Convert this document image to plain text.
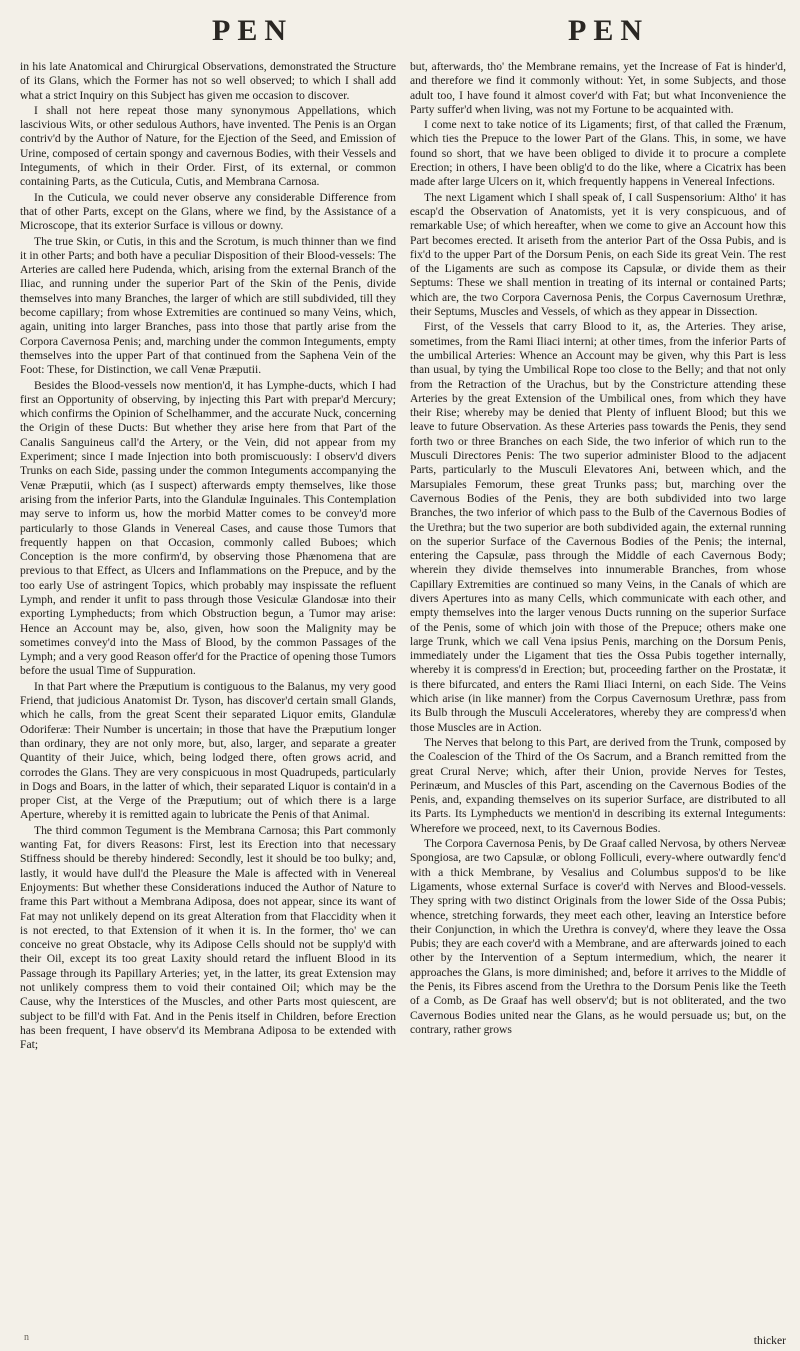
PEN	PEN

in his late Anatomical and Chirurgical Observations, demonstrated the Structure of its Glans, which the Former has not so well observed; to which I shall add what a strict Inquiry on this Subject has given me occasion to discover.

I shall not here repeat those many synonymous Appellations, which lascivious Wits, or other sedulous Authors, have invented. The Penis is an Organ contriv'd by the Author of Nature, for the Ejection of the Seed, and Emission of Urine, composed of certain spongy and cavernous Bodies, with their Vessels and Integuments, of which in their Order. First, of its external, or common containing Parts, as the Cuticula, Cutis, and Membrana Carnosa.

In the Cuticula, we could never observe any considerable Difference from that of other Parts, except on the Glans, where we find, by the Assistance of a Microscope, that its exterior Surface is villous or downy.

The true Skin, or Cutis, in this and the Scrotum, is much thinner than we find it in other Parts; and both have a peculiar Disposition of their Blood-vessels: The Arteries are called here Pudenda, which, arising from the external Branch of the Iliac, and running under the superior Part of the Skin of the Penis, divide themselves into many Branches, the larger of which are still subdivided, till they become capillary; from whose Extremities are continued so many Veins, which, again, uniting into larger Branches, pass into those that partly arise from the Corpora Cavernosa Penis; and, marching under the common Integuments, empty themselves into the upper Part of that continued from the Saphena Vein of the Foot: These, for Distinction, we call Venæ Præputii.

Besides the Blood-vessels now mention'd, it has Lymphe-ducts, which I had first an Opportunity of observing, by injecting this Part with prepar'd Mercury; which confirms the Opinion of Schelhammer, and the accurate Nuck, concerning the Origin of these Ducts: But whether they arise here from that Part of the Canalis Sanguineus call'd the Artery, or the Vein, did not appear from my Experiment; since I made Injection into both promiscuously: I observ'd divers Trunks on each Side, passing under the common Integuments accompanying the Venæ Præputii, which (as I suspect) afterwards empty themselves, like those arising from the inferior Parts, into the Glandulæ Inguinales. This Contemplation may serve to inform us, how the morbid Matter comes to be convey'd more particularly to those Glands in Venereal Cases, and cause those Tumors that frequently happen on that Occasion, commonly called Buboes; which Conception is the more confirm'd, by observing those Phænomena that are previous to that Effect, as Ulcers and Inflammations on the Prepuce, and by the too early Use of astringent Topics, which probably may inspissate the refluent Lymph, and render it unfit to pass through those Vesiculæ Glandosæ into their exporting Lympheducts; from which Obstruction begun, a Tumor may arise: Hence an Account may be, also, given, how soon the Malignity may be sometimes convey'd into the Mass of Blood, by the common Passages of the Lymph; and a very good Reason offer'd for the Practice of opening those Tumors before the usual Time of Suppuration.

In that Part where the Præputium is contiguous to the Balanus, my very good Friend, that judicious Anatomist Dr. Tyson, has discover'd certain small Glands, which he calls, from the great Scent their separated Liquor emits, Glandulæ Odoriferæ: Their Number is uncertain; in those that have the Præputium longer than ordinary, they are not only more, but, also, larger, and separate a greater Quantity of their Juice, which, being lodged there, often grows acrid, and corrodes the Glans. They are very conspicuous in most Quadrupeds, particularly in Dogs and Boars, in the latter of which, their separated Liquor is contain'd in a proper Cist, at the Verge of the Præputium; out of which there is a large Aperture, whereby it is remitted again to lubricate the Penis of that Animal.

The third common Tegument is the Membrana Carnosa; this Part commonly wanting Fat, for divers Reasons: First, lest its Erection into that necessary Stiffness should be thereby hindered: Secondly, lest it should be too bulky; and, lastly, it would have dull'd the Pleasure the Male is affected with in Venereal Enjoyments: But whether these Considerations induced the Author of Nature to frame this Part without a Membrana Adiposa, does not appear, since its want of Fat may not unlikely depend on its great Alteration from that Flaccidity when it is not erected, to that Extension of it when it is. In the former, tho' we can conceive no great Obstacle, why its Adipose Cells should not be supply'd with their Oil, except its too great Laxity should retard the influent Blood in its Passage through its Papillary Arteries; yet, in the latter, its great Extension may not unlikely compress them to void their contained Oil; which may be the Cause, why the Interstices of the Muscles, and other Parts most quiescent, are subject to be fill'd with Fat. And in the Penis itself in Children, before Erection has been frequent, I have observ'd its Membrana Adiposa to be extended with Fat;

but, afterwards, tho' the Membrane remains, yet the Increase of Fat is hinder'd, and therefore we find it commonly without: Yet, in some Subjects, and those adult too, I have found it almost cover'd with Fat; but what Inconvenience the Party suffer'd when living, was not my Fortune to be acquainted with.

I come next to take notice of its Ligaments; first, of that called the Frænum, which ties the Prepuce to the lower Part of the Glans. This, in some, we have found so short, that we have been obliged to divide it to procure a complete Erection; in others, I have been oblig'd to do the like, where a Cicatrix has been made after large Ulcers on it, which frequently happens in Venereal Infections.

The next Ligament which I shall speak of, I call Suspensorium: Altho' it has escap'd the Observation of Anatomists, yet it is very conspicuous, and of remarkable Use; of which hereafter, when we come to give an Account how this Part becomes erected. It ariseth from the anterior Part of the Ossa Pubis, and is fix'd to the upper Part of the Dorsum Penis, on each Side its great Vein. The rest of the Ligaments are such as compose its Capsulæ, or divide them as their Septums: These we shall mention in treating of its internal or contained Parts; which are, the two Corpora Cavernosa Penis, the Corpus Cavernosum Urethræ, their Septums, Muscles and Vessels, of which as they appear in Dissection.

First, of the Vessels that carry Blood to it, as, the Arteries. They arise, sometimes, from the Rami Iliaci interni; at other times, from the inferior Parts of the umbilical Arteries: Whence an Account may be given, why this Part is less than usual, by tying the Umbilical Rope too close to the Belly; and that not only from the Retraction of the Urachus, but by the Constricture attending these Arteries by the great Extension of the Umbilical ones, from which they have their Rise; whereby may be denied that Plenty of influent Blood; but this we leave to future Observation. As these Arteries pass towards the Penis, they send forth two or three Branches on each Side, the two inferior of which run to the Musculi Directores Penis: The two superior administer Blood to the adjacent Parts, particularly to the Musculi Elevatores Ani, between which, and the Marsupiales Femorum, these great Trunks pass; but, marching over the Cavernous Bodies of the Penis, they are both subdivided into two large Branches, the two inferior of which pass to the Bulb of the Cavernous Bodies of the Urethra; but the two superior are both subdivided again, the external running on the superior Surface of the Cavernous Bodies of the Penis; the internal, entering the Capsulæ, pass through the Middle of each Cavernous Body; wherein they divide themselves into innumerable Branches, from whose Capillary Extremities are continued so many Veins, in the Canals of which are divers Apertures into as many Cells, which communicate with each other, and empty themselves into the larger venous Ducts running on the superior Surface of the Penis, some of which join with those of the Prepuce; others make one large Trunk, which we call Vena ipsius Penis, marching on the Dorsum Penis, immediately under the Ligament that ties the Ossa Pubis together internally, whereby it is compress'd in Erection; but, proceeding farther on the Prostatæ, it is there bifurcated, and enters the Rami Iliaci Interni, on each Side. The Veins which arise (in like manner) from the Corpus Cavernosum Urethræ, pass from its Bulb through the Musculi Acceleratores, whereby they are compress'd when those Muscles are in Action.

The Nerves that belong to this Part, are derived from the Trunk, composed by the Coalescion of the Third of the Os Sacrum, and a Branch remitted from the great Crural Nerve; which, after their Union, provide Nerves for Testes, Perinæum, and Muscles of this Part, ascending on the Cavernous Bodies of the Penis, and, expanding themselves on its superior Surface, are distributed to all its Parts. Its Lympheducts we mention'd in describing its external Integuments: Wherefore we proceed, next, to its Cavernous Bodies.

The Corpora Cavernosa Penis, by De Graaf called Nervosa, by others Nerveæ Spongiosa, are two Capsulæ, or oblong Folliculi, every-where outwardly fenc'd with a thick Membrane, by Vesalius and Columbus suppos'd to be like Ligaments, whose external Surface is cover'd with Nerves and Blood-vessels. They spring with two distinct Originals from the lower Side of the Ossa Pubis; whence, stretching forwards, they meet each other, leaving an Interstice before their Conjunction, in which the Urethra is convey'd, where they leave the Ossa Pubis; they are each cover'd with a Membrane, and are afterwards joined to each other by the Intervention of a Septum intermedium, which, the nearer it approaches the Glans, is more diminished; and, before it arrives to the Middle of the Penis, its Fibres ascend from the Urethra to the Dorsum Penis like the Teeth of a Comb, as De Graaf has well observ'd; but is not obliterated, and the two Cavernous Bodies united near the Glans, as he would persuade us; but, on the contrary, rather grows

n	thicker
